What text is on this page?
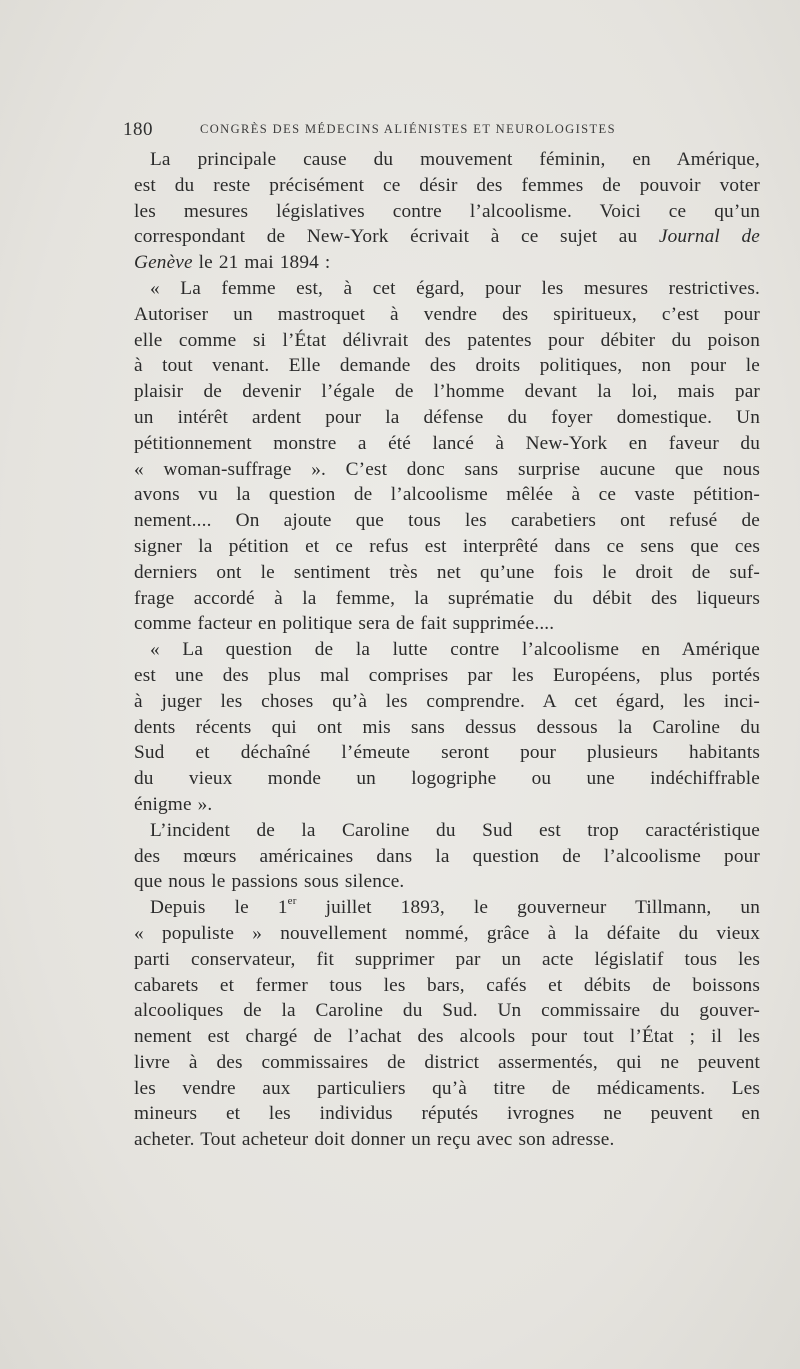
180	CONGRÈS DES MÉDECINS ALIÉNISTES ET NEUROLOGISTES
La principale cause du mouvement féminin, en Amérique,
est du reste précisément ce désir des femmes de pouvoir voter
les mesures législatives contre l’alcoolisme. Voici ce qu’un
correspondant de New-York écrivait à ce sujet au Journal de
Genève le 21 mai 1894 :
« La femme est, à cet égard, pour les mesures restrictives.
Autoriser un mastroquet à vendre des spiritueux, c’est pour
elle comme si l’État délivrait des patentes pour débiter du poison
à tout venant. Elle demande des droits politiques, non pour le
plaisir de devenir l’égale de l’homme devant la loi, mais par
un intérêt ardent pour la défense du foyer domestique. Un
pétitionnement monstre a été lancé à New-York en faveur du
« woman-suffrage ». C’est donc sans surprise aucune que nous
avons vu la question de l’alcoolisme mêlée à ce vaste pétition-
nement.... On ajoute que tous les carabetiers ont refusé de
signer la pétition et ce refus est interprêté dans ce sens que ces
derniers ont le sentiment très net qu’une fois le droit de suf-
frage accordé à la femme, la suprématie du débit des liqueurs
comme facteur en politique sera de fait supprimée....
« La question de la lutte contre l’alcoolisme en Amérique
est une des plus mal comprises par les Européens, plus portés
à juger les choses qu’à les comprendre. A cet égard, les inci-
dents récents qui ont mis sans dessus dessous la Caroline du
Sud et déchaîné l’émeute seront pour plusieurs habitants
du vieux monde un logogriphe ou une indéchiffrable
énigme ».
L’incident de la Caroline du Sud est trop caractéristique
des mœurs américaines dans la question de l’alcoolisme pour
que nous le passions sous silence.
Depuis le 1er juillet 1893, le gouverneur Tillmann, un
« populiste » nouvellement nommé, grâce à la défaite du vieux
parti conservateur, fit supprimer par un acte législatif tous les
cabarets et fermer tous les bars, cafés et débits de boissons
alcooliques de la Caroline du Sud. Un commissaire du gouver-
nement est chargé de l’achat des alcools pour tout l’État ; il les
livre à des commissaires de district assermentés, qui ne peuvent
les vendre aux particuliers qu’à titre de médicaments. Les
mineurs et les individus réputés ivrognes ne peuvent en
acheter. Tout acheteur doit donner un reçu avec son adresse.
